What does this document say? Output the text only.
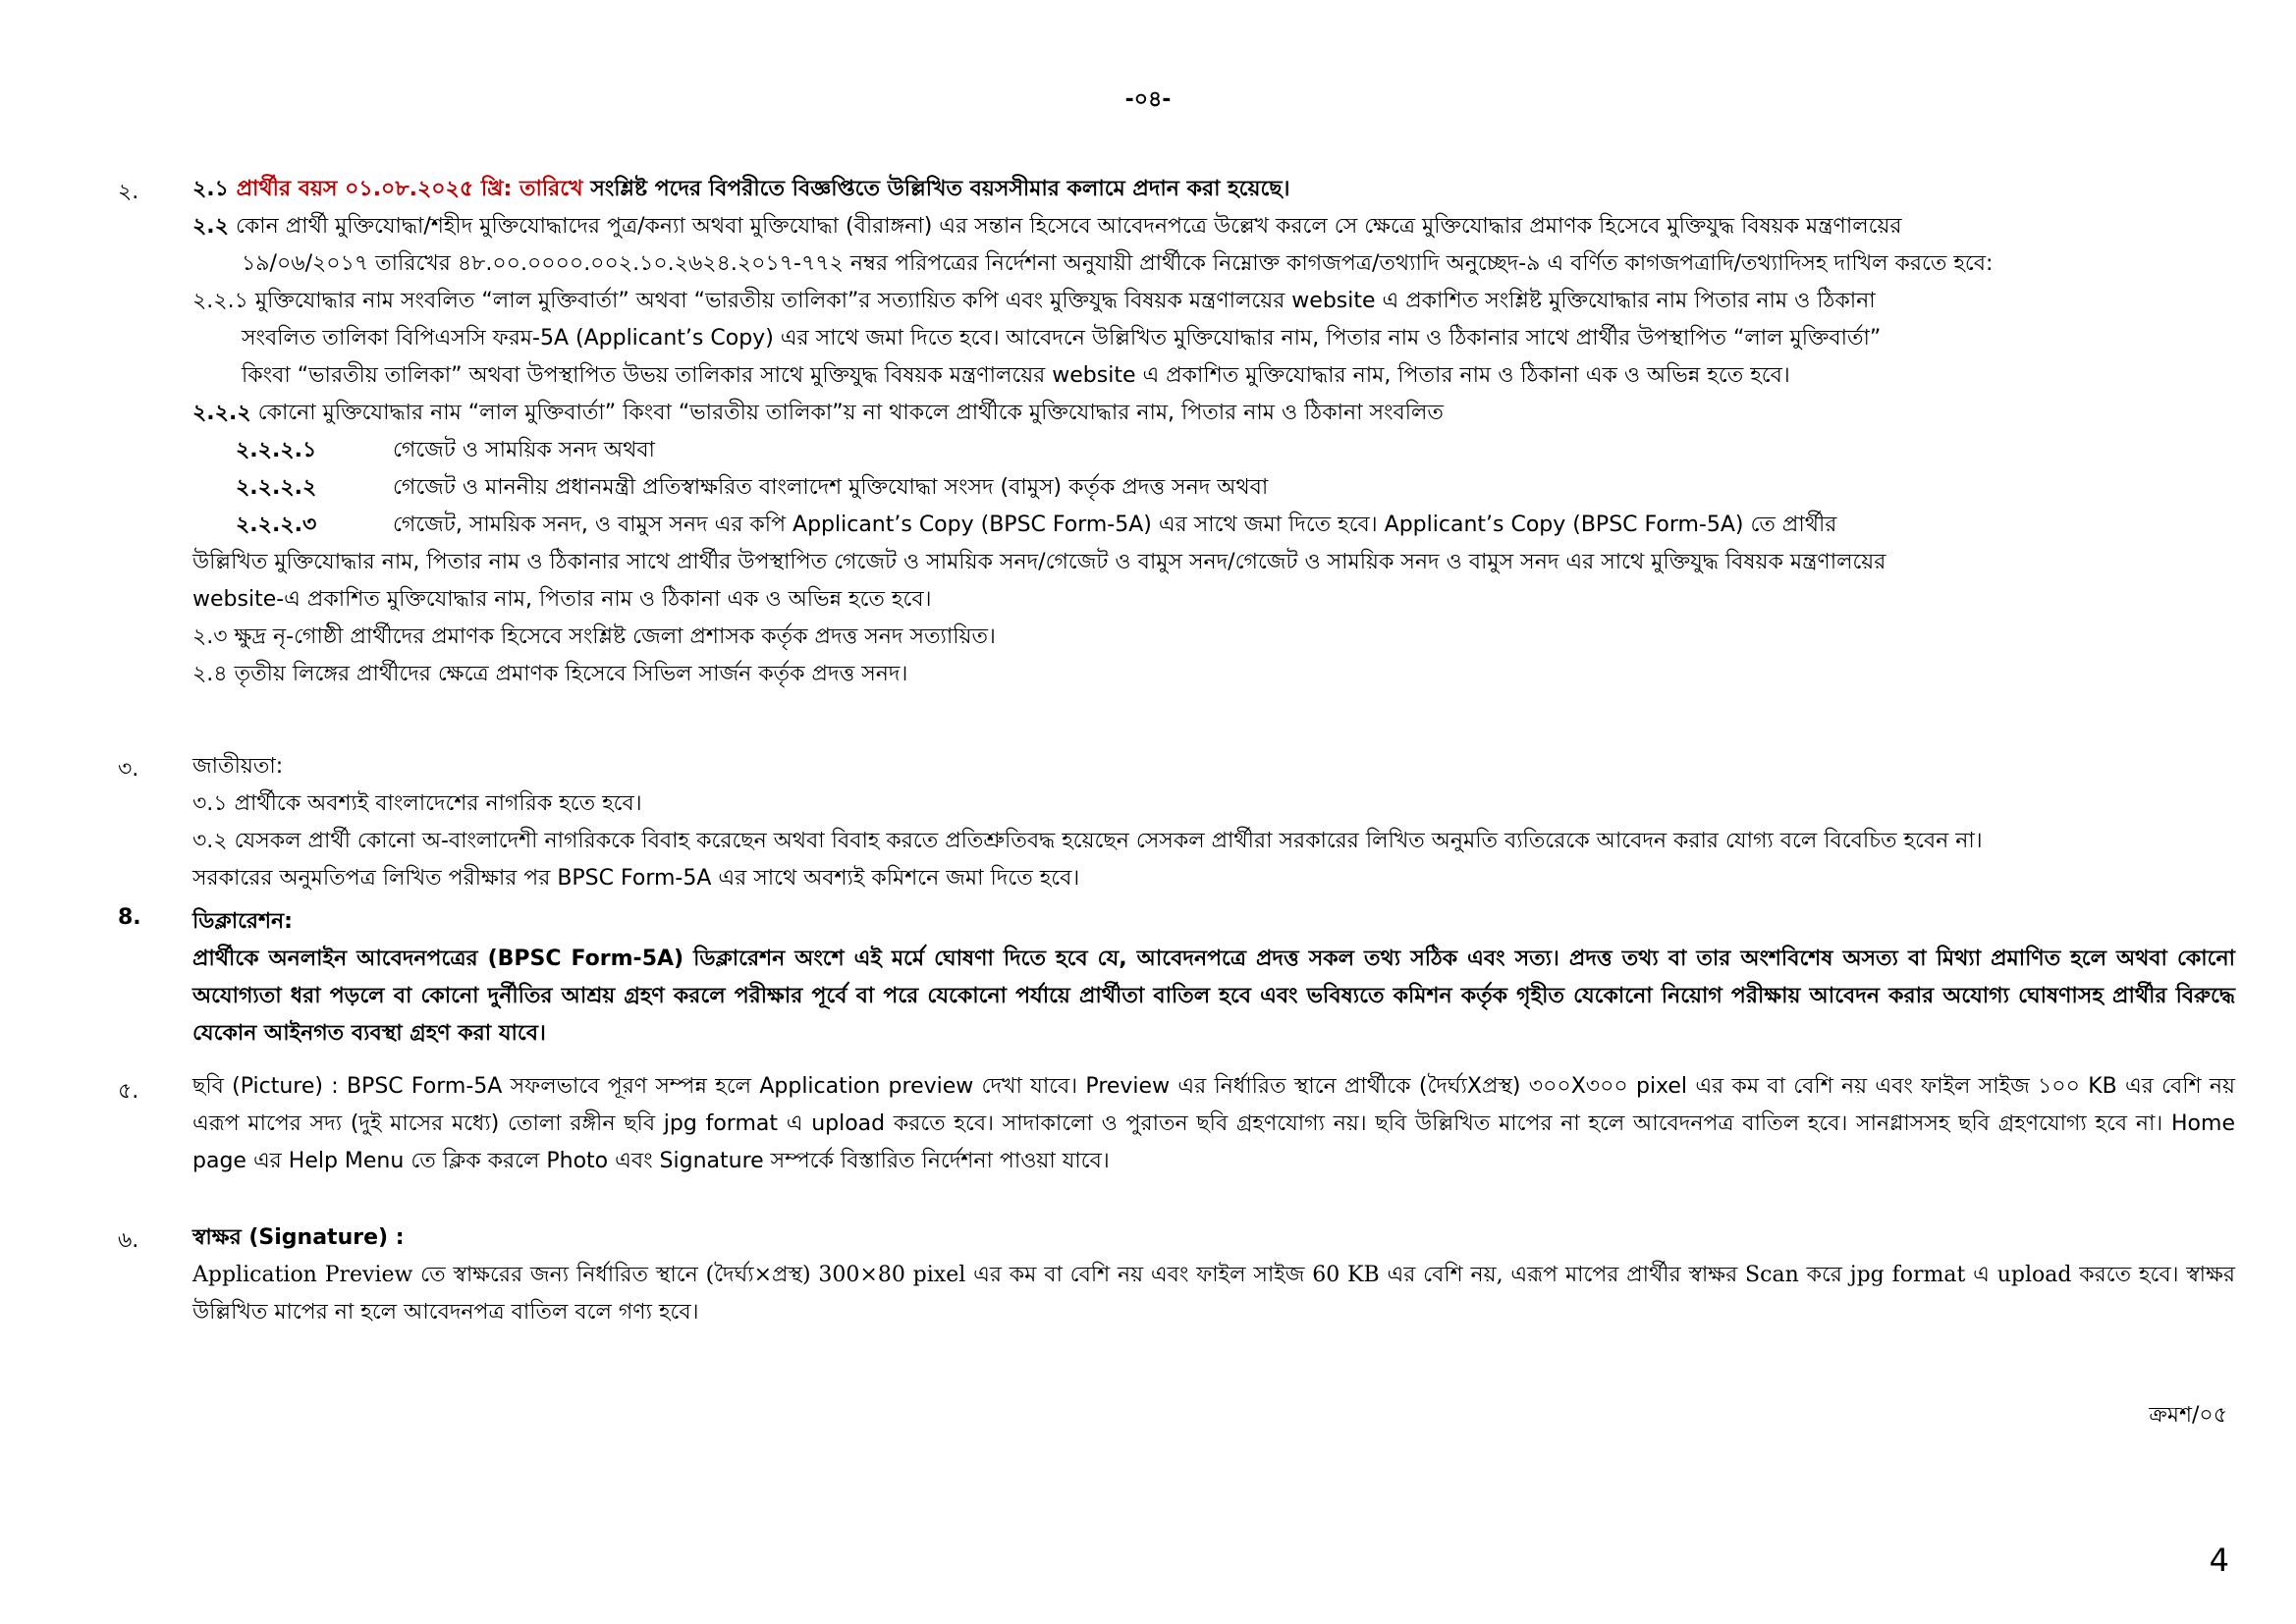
-০৪-
২. ২.১ প্রার্থীর বয়স ০১.০৮.২০২৫ খ্রি: তারিখে সংশ্লিষ্ট পদের বিপরীতে বিজ্ঞপ্তিতে উল্লিখিত বয়সসীমার কলামে প্রদান করা হয়েছে।
২.২ কোন প্রার্থী মুক্তিযোদ্ধা/শহীদ মুক্তিযোদ্ধাদের পুত্র/কন্যা অথবা মুক্তিযোদ্ধা (বীরাঙ্গনা) এর সন্তান হিসেবে আবেদনপত্রে উল্লেখ করলে সে ক্ষেত্রে মুক্তিযোদ্ধার প্রমাণক হিসেবে মুক্তিযুদ্ধ বিষয়ক মন্ত্রণালয়ের
১৯/০৬/২০১৭ তারিখের ৪৮.০০.০০০০.০০২.১০.২৬২৪.২০১৭-৭৭২ নম্বর পরিপত্রের নির্দেশনা অনুযায়ী প্রার্থীকে নিম্নোক্ত কাগজপত্র/তথ্যাদি অনুচ্ছেদ-৯ এ বর্ণিত কাগজপত্রাদি/তথ্যাদিসহ দাখিল করতে হবে:
২.২.১ মুক্তিযোদ্ধার নাম সংবলিত “লাল মুক্তিবার্তা” অথবা “ভারতীয় তালিকা”র সত্যায়িত কপি এবং মুক্তিযুদ্ধ বিষয়ক মন্ত্রণালয়ের website এ প্রকাশিত সংশ্লিষ্ট মুক্তিযোদ্ধার নাম পিতার নাম ও ঠিকানা
সংবলিত তালিকা বিপিএসসি ফরম-5A (Applicant’s Copy) এর সাথে জমা দিতে হবে। আবেদনে উল্লিখিত মুক্তিযোদ্ধার নাম, পিতার নাম ও ঠিকানার সাথে প্রার্থীর উপস্থাপিত “লাল মুক্তিবার্তা”
কিংবা “ভারতীয় তালিকা” অথবা উপস্থাপিত উভয় তালিকার সাথে মুক্তিযুদ্ধ বিষয়ক মন্ত্রণালয়ের website এ প্রকাশিত মুক্তিযোদ্ধার নাম, পিতার নাম ও ঠিকানা এক ও অভিন্ন হতে হবে।
২.২.২ কোনো মুক্তিযোদ্ধার নাম “লাল মুক্তিবার্তা” কিংবা “ভারতীয় তালিকা”য় না থাকলে প্রার্থীকে মুক্তিযোদ্ধার নাম, পিতার নাম ও ঠিকানা সংবলিত
২.২.২.১	গেজেট ও সাময়িক সনদ অথবা
২.২.২.২	গেজেট ও মাননীয় প্রধানমন্ত্রী প্রতিস্বাক্ষরিত বাংলাদেশ মুক্তিযোদ্ধা সংসদ (বামুস) কর্তৃক প্রদত্ত সনদ অথবা
২.২.২.৩	গেজেট, সাময়িক সনদ, ও বামুস সনদ এর কপি Applicant’s Copy (BPSC Form-5A) এর সাথে জমা দিতে হবে। Applicant’s Copy (BPSC Form-5A) তে প্রার্থীর
উল্লিখিত মুক্তিযোদ্ধার নাম, পিতার নাম ও ঠিকানার সাথে প্রার্থীর উপস্থাপিত গেজেট ও সাময়িক সনদ/গেজেট ও বামুস সনদ/গেজেট ও সাময়িক সনদ ও বামুস সনদ এর সাথে মুক্তিযুদ্ধ বিষয়ক মন্ত্রণালয়ের
website-এ প্রকাশিত মুক্তিযোদ্ধার নাম, পিতার নাম ও ঠিকানা এক ও অভিন্ন হতে হবে।
২.৩ ক্ষুদ্র নৃ-গোষ্ঠী প্রার্থীদের প্রমাণক হিসেবে সংশ্লিষ্ট জেলা প্রশাসক কর্তৃক প্রদত্ত সনদ সত্যায়িত।
২.৪ তৃতীয় লিঙ্গের প্রার্থীদের ক্ষেত্রে প্রমাণক হিসেবে সিভিল সার্জন কর্তৃক প্রদত্ত সনদ।
৩. জাতীয়তা:
৩.১ প্রার্থীকে অবশ্যই বাংলাদেশের নাগরিক হতে হবে।
৩.২ যেসকল প্রার্থী কোনো অ-বাংলাদেশী নাগরিককে বিবাহ করেছেন অথবা বিবাহ করতে প্রতিশ্রুতিবদ্ধ হয়েছেন সেসকল প্রার্থীরা সরকারের লিখিত অনুমতি ব্যতিরেকে আবেদন করার যোগ্য বলে বিবেচিত হবেন না।
সরকারের অনুমতিপত্র লিখিত পরীক্ষার পর BPSC Form-5A এর সাথে অবশ্যই কমিশনে জমা দিতে হবে।
8. ডিক্লারেশন:
প্রার্থীকে অনলাইন আবেদনপত্রের (BPSC Form-5A) ডিক্লারেশন অংশে এই মর্মে ঘোষণা দিতে হবে যে, আবেদনপত্রে প্রদত্ত সকল তথ্য সঠিক এবং সত্য। প্রদত্ত তথ্য বা তার অংশবিশেষ অসত্য বা মিথ্যা প্রমাণিত হলে অথবা কোনো অযোগ্যতা ধরা পড়লে বা কোনো দুর্নীতির আশ্রয় গ্রহণ করলে পরীক্ষার পূর্বে বা পরে যেকোনো পর্যায়ে প্রার্থীতা বাতিল হবে এবং ভবিষ্যতে কমিশন কর্তৃক গৃহীত যেকোনো নিয়োগ পরীক্ষায় আবেদন করার অযোগ্য ঘোষণাসহ প্রার্থীর বিরুদ্ধে যেকোন আইনগত ব্যবস্থা গ্রহণ করা যাবে।
৫. ছবি (Picture) : BPSC Form-5A সফলভাবে পূরণ সম্পন্ন হলে Application preview দেখা যাবে। Preview এর নির্ধারিত স্থানে প্রার্থীকে (দৈর্ঘ্যXপ্রস্থ) ৩০০X৩০০ pixel এর কম বা বেশি নয় এবং ফাইল সাইজ ১০০ KB এর বেশি নয় এরূপ মাপের সদ্য (দুই মাসের মধ্যে) তোলা রঙ্গীন ছবি jpg format এ upload করতে হবে। সাদাকালো ও পুরাতন ছবি গ্রহণযোগ্য নয়। ছবি উল্লিখিত মাপের না হলে আবেদনপত্র বাতিল হবে। সানগ্লাসসহ ছবি গ্রহণযোগ্য হবে না। Home page এর Help Menu তে ক্লিক করলে Photo এবং Signature সম্পর্কে বিস্তারিত নির্দেশনা পাওয়া যাবে।
৬. স্বাক্ষর (Signature) :
Application Preview তে স্বাক্ষরের জন্য নির্ধারিত স্থানে (দৈর্ঘ্য×প্রস্থ) 300×80 pixel এর কম বা বেশি নয় এবং ফাইল সাইজ 60 KB এর বেশি নয়, এরূপ মাপের প্রার্থীর স্বাক্ষর Scan করে jpg format এ upload করতে হবে। স্বাক্ষর উল্লিখিত মাপের না হলে আবেদনপত্র বাতিল বলে গণ্য হবে।
ক্রমশ/০৫
4
